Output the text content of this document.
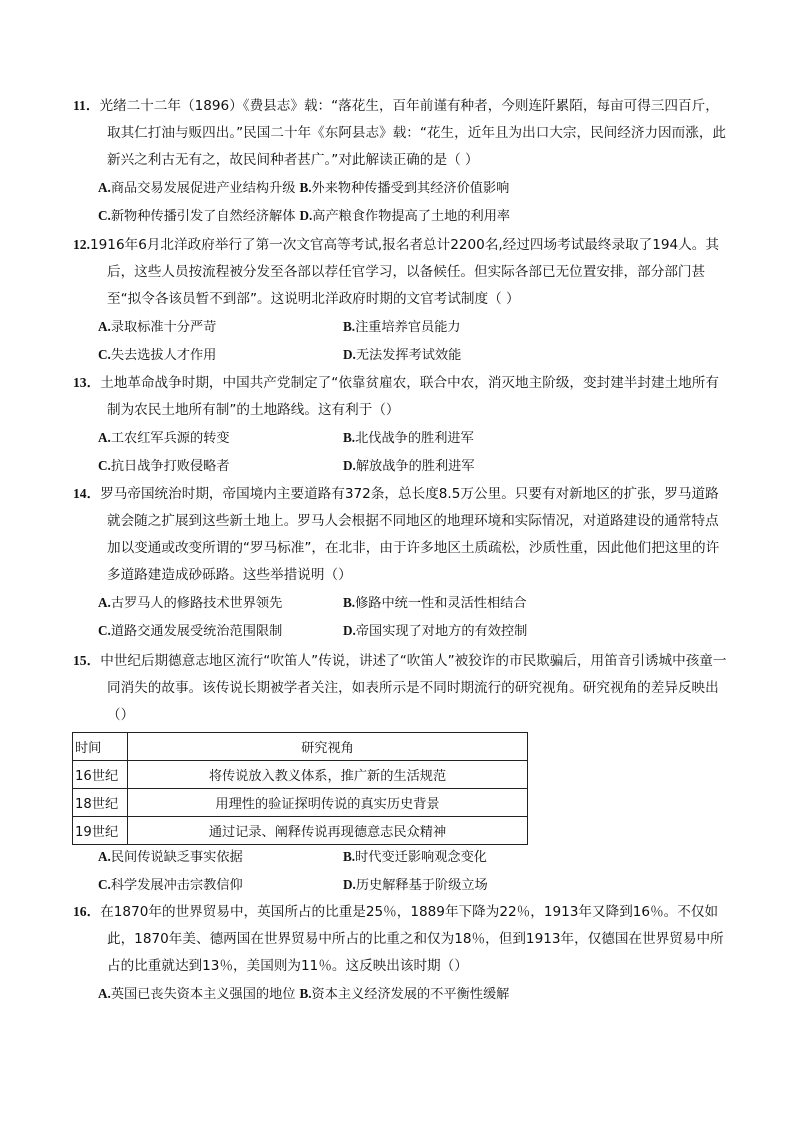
11．光绪二十二年（1896）《费县志》载：“落花生，百年前谨有种者，今则连阡累陌，每亩可得三四百斤，取其仁打油与贩四出。”民国二十年《东阿县志》载：“花生，近年且为出口大宗，民间经济力因而涨，此新兴之利古无有之，故民间种者甚广。”对此解读正确的是（ ）

A.商品交易发展促进产业结构升级 B.外来物种传播受到其经济价值影响
C.新物种传播引发了自然经济解体 D.高产粮食作物提高了土地的利用率

12.1916年6月北洋政府举行了第一次文官高等考试,报名者总计2200名,经过四场考试最终录取了194人。其后，这些人员按流程被分发至各部以荐任官学习，以备候任。但实际各部已无位置安排，部分部门甚至“拟令各该员暂不到部”。这说明北洋政府时期的文官考试制度（ ）

A.录取标准十分严苛	B.注重培养官员能力
C.失去选拔人才作用	D.无法发挥考试效能

13．土地革命战争时期，中国共产党制定了“依靠贫雇农，联合中农，消灭地主阶级，变封建半封建土地所有制为农民土地所有制”的土地路线。这有利于（）

A.工农红军兵源的转变	B.北伐战争的胜利进军
C.抗日战争打败侵略者	D.解放战争的胜利进军

14．罗马帝国统治时期，帝国境内主要道路有372条，总长度8.5万公里。只要有对新地区的扩张，罗马道路就会随之扩展到这些新土地上。罗马人会根据不同地区的地理环境和实际情况，对道路建设的通常特点加以变通或改变所谓的“罗马标准”，在北非，由于许多地区土质疏松，沙质性重，因此他们把这里的许多道路建造成砂砾路。这些举措说明（）

A.古罗马人的修路技术世界领先	B.修路中统一性和灵活性相结合
C.道路交通发展受统治范围限制	D.帝国实现了对地方的有效控制

15．中世纪后期德意志地区流行“吹笛人”传说，讲述了“吹笛人”被狡诈的市民欺骗后，用笛音引诱城中孩童一同消失的故事。该传说长期被学者关注，如表所示是不同时期流行的研究视角。研究视角的差异反映出（）

时间	研究视角
16世纪	将传说放入教义体系，推广新的生活规范
18世纪	用理性的验证探明传说的真实历史背景
19世纪	通过记录、阐释传说再现德意志民众精神
A.民间传说缺乏事实依据	B.时代变迁影响观念变化
C.科学发展冲击宗教信仰	D.历史解释基于阶级立场

16．在1870年的世界贸易中，英国所占的比重是25％，1889年下降为22％，1913年又降到16％。不仅如此，1870年美、德两国在世界贸易中所占的比重之和仅为18％，但到1913年，仅德国在世界贸易中所占的比重就达到13％，美国则为11％。这反映出该时期（）

A.英国已丧失资本主义强国的地位 B.资本主义经济发展的不平衡性缓解
